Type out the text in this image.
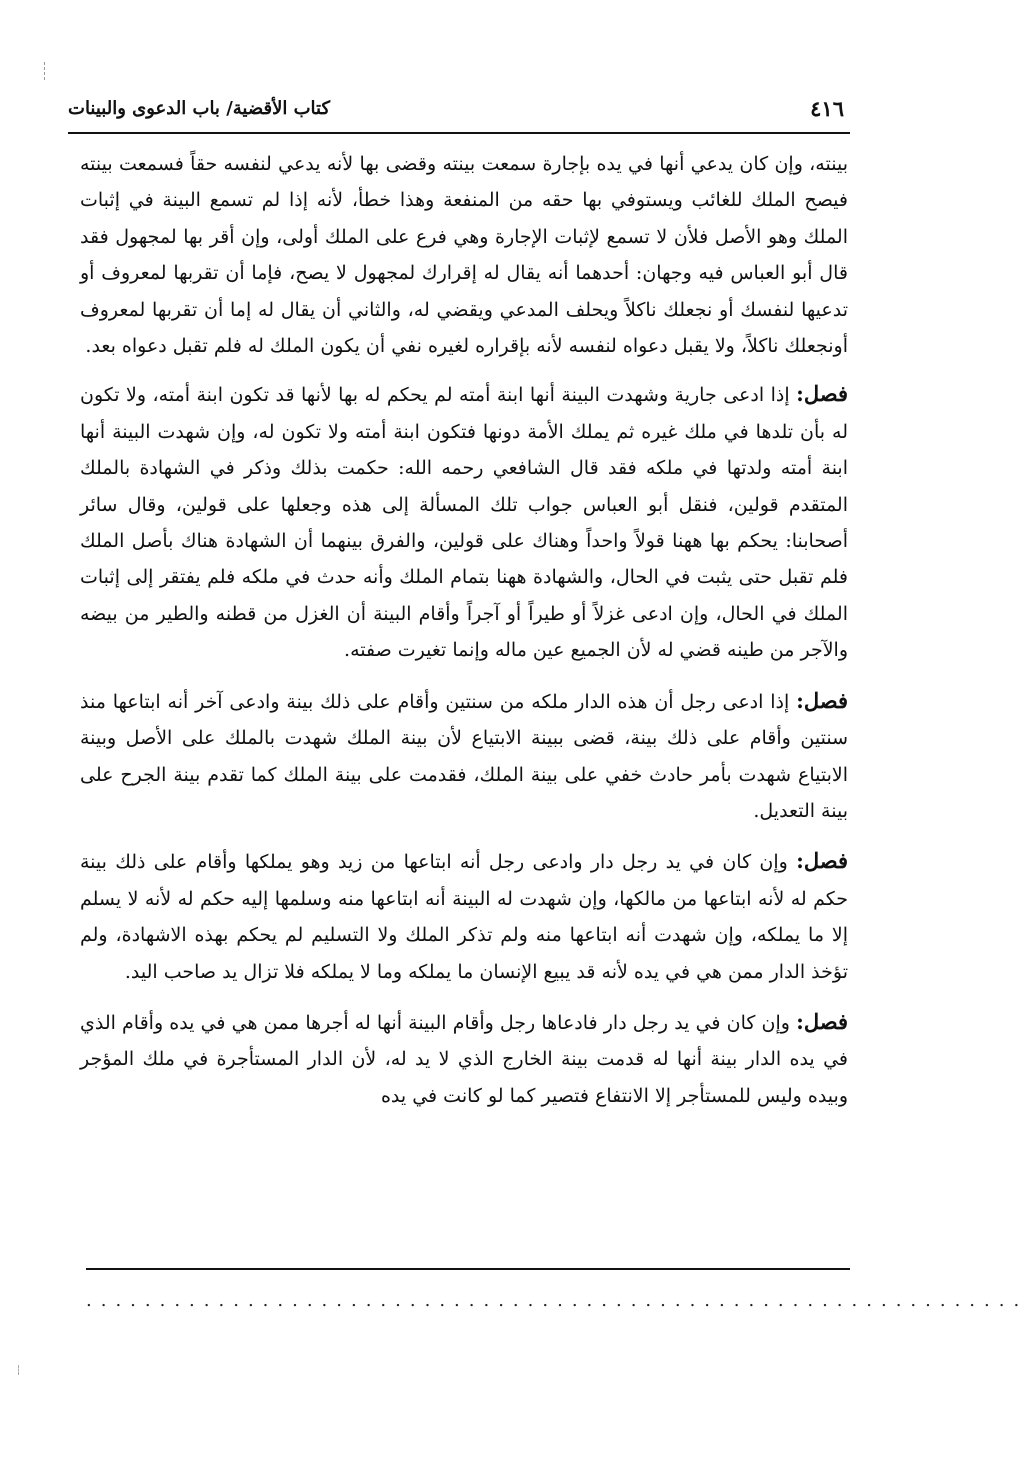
٤١٦
كتاب الأقضية/ باب الدعوى والبينات

بينته، وإن كان يدعي أنها في يده بإجارة سمعت بينته وقضى بها لأنه يدعي لنفسه حقاً فسمعت بينته فيصح الملك للغائب ويستوفي بها حقه من المنفعة وهذا خطأ، لأنه إذا لم تسمع البينة في إثبات الملك وهو الأصل فلأن لا تسمع لإثبات الإجارة وهي فرع على الملك أولى، وإن أقر بها لمجهول فقد قال أبو العباس فيه وجهان: أحدهما أنه يقال له إقرارك لمجهول لا يصح، فإما أن تقربها لمعروف أو تدعيها لنفسك أو نجعلك ناكلاً ويحلف المدعي ويقضي له، والثاني أن يقال له إما أن تقربها لمعروف أونجعلك ناكلاً، ولا يقبل دعواه لنفسه لأنه بإقراره لغيره نفي أن يكون الملك له فلم تقبل دعواه بعد.

فصل: إذا ادعى جارية وشهدت البينة أنها ابنة أمته لم يحكم له بها لأنها قد تكون ابنة أمته، ولا تكون له بأن تلدها في ملك غيره ثم يملك الأمة دونها فتكون ابنة أمته ولا تكون له، وإن شهدت البينة أنها ابنة أمته ولدتها في ملكه فقد قال الشافعي رحمه الله: حكمت بذلك وذكر في الشهادة بالملك المتقدم قولين، فنقل أبو العباس جواب تلك المسألة إلى هذه وجعلها على قولين، وقال سائر أصحابنا: يحكم بها ههنا قولاً واحداً وهناك على قولين، والفرق بينهما أن الشهادة هناك بأصل الملك فلم تقبل حتى يثبت في الحال، والشهادة ههنا بتمام الملك وأنه حدث في ملكه فلم يفتقر إلى إثبات الملك في الحال، وإن ادعى غزلاً أو طيراً أو آجراً وأقام البينة أن الغزل من قطنه والطير من بيضه والآجر من طينه قضي له لأن الجميع عين ماله وإنما تغيرت صفته.

فصل: إذا ادعى رجل أن هذه الدار ملكه من سنتين وأقام على ذلك بينة وادعى آخر أنه ابتاعها منذ سنتين وأقام على ذلك بينة، قضى ببينة الابتياع لأن بينة الملك شهدت بالملك على الأصل وبينة الابتياع شهدت بأمر حادث خفي على بينة الملك، فقدمت على بينة الملك كما تقدم بينة الجرح على بينة التعديل.

فصل: وإن كان في يد رجل دار وادعى رجل أنه ابتاعها من زيد وهو يملكها وأقام على ذلك بينة حكم له لأنه ابتاعها من مالكها، وإن شهدت له البينة أنه ابتاعها منه وسلمها إليه حكم له لأنه لا يسلم إلا ما يملكه، وإن شهدت أنه ابتاعها منه ولم تذكر الملك ولا التسليم لم يحكم بهذه الاشهادة، ولم تؤخذ الدار ممن هي في يده لأنه قد يبيع الإنسان ما يملكه وما لا يملكه فلا تزال يد صاحب اليد.

فصل: وإن كان في يد رجل دار فادعاها رجل وأقام البينة أنها له أجرها ممن هي في يده وأقام الذي في يده الدار بينة أنها له قدمت بينة الخارج الذي لا يد له، لأن الدار المستأجرة في ملك المؤجر وبيده وليس للمستأجر إلا الانتفاع فتصير كما لو كانت في يده

................................................................
